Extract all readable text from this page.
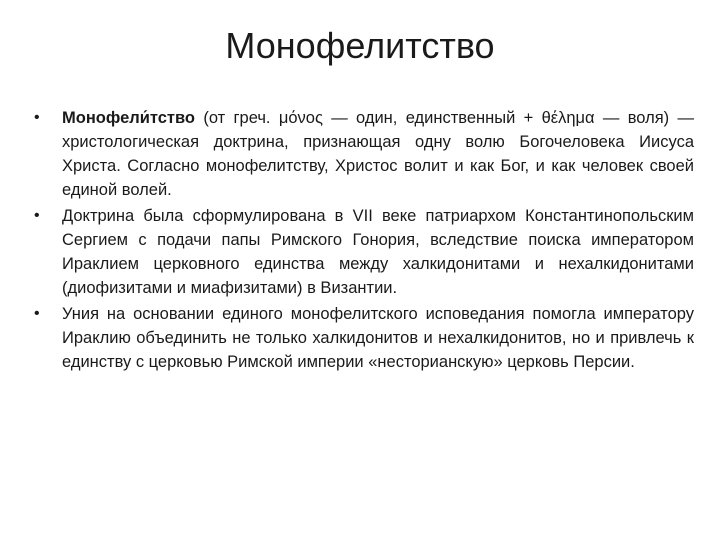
Монофелитство
•	Монофели́тство (от греч. μόνος — один, единственный + θέλημα — воля) — христологическая доктрина, признающая одну волю Богочеловека Иисуса Христа. Согласно монофелитству, Христос волит и как Бог, и как человек своей единой волей.
•	Доктрина была сформулирована в VII веке патриархом Константинопольским Сергием с подачи папы Римского Гонория, вследствие поиска императором Ираклием церковного единства между халкидонитами и нехалкидонитами (диофизитами и миафизитами) в Византии.
•	Уния на основании единого монофелитского исповедания помогла императору Ираклию объединить не только халкидонитов и нехалкидонитов, но и привлечь к единству с церковью Римской империи «несторианскую» церковь Персии.
